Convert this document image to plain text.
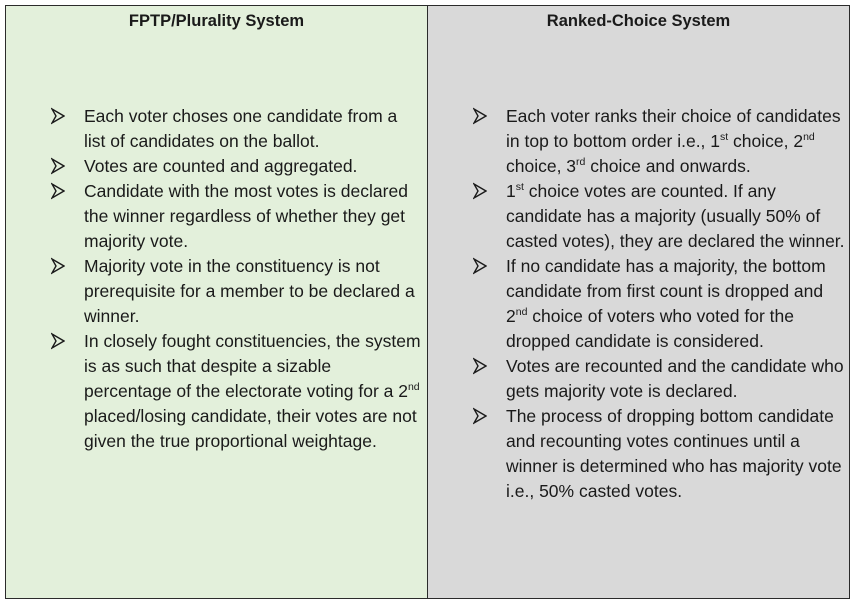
FPTP/Plurality System
Each voter choses one candidate from a list of candidates on the ballot.
Votes are counted and aggregated.
Candidate with the most votes is declared the winner regardless of whether they get majority vote.
Majority vote in the constituency is not prerequisite for a member to be declared a winner.
In closely fought constituencies, the system is as such that despite a sizable percentage of the electorate voting for a 2nd placed/losing candidate, their votes are not given the true proportional weightage.
Ranked-Choice System
Each voter ranks their choice of candidates in top to bottom order i.e., 1st choice, 2nd choice, 3rd choice and onwards.
1st choice votes are counted. If any candidate has a majority (usually 50% of casted votes), they are declared the winner.
If no candidate has a majority, the bottom candidate from first count is dropped and 2nd choice of voters who voted for the dropped candidate is considered.
Votes are recounted and the candidate who gets majority vote is declared.
The process of dropping bottom candidate and recounting votes continues until a winner is determined who has majority vote i.e., 50% casted votes.
